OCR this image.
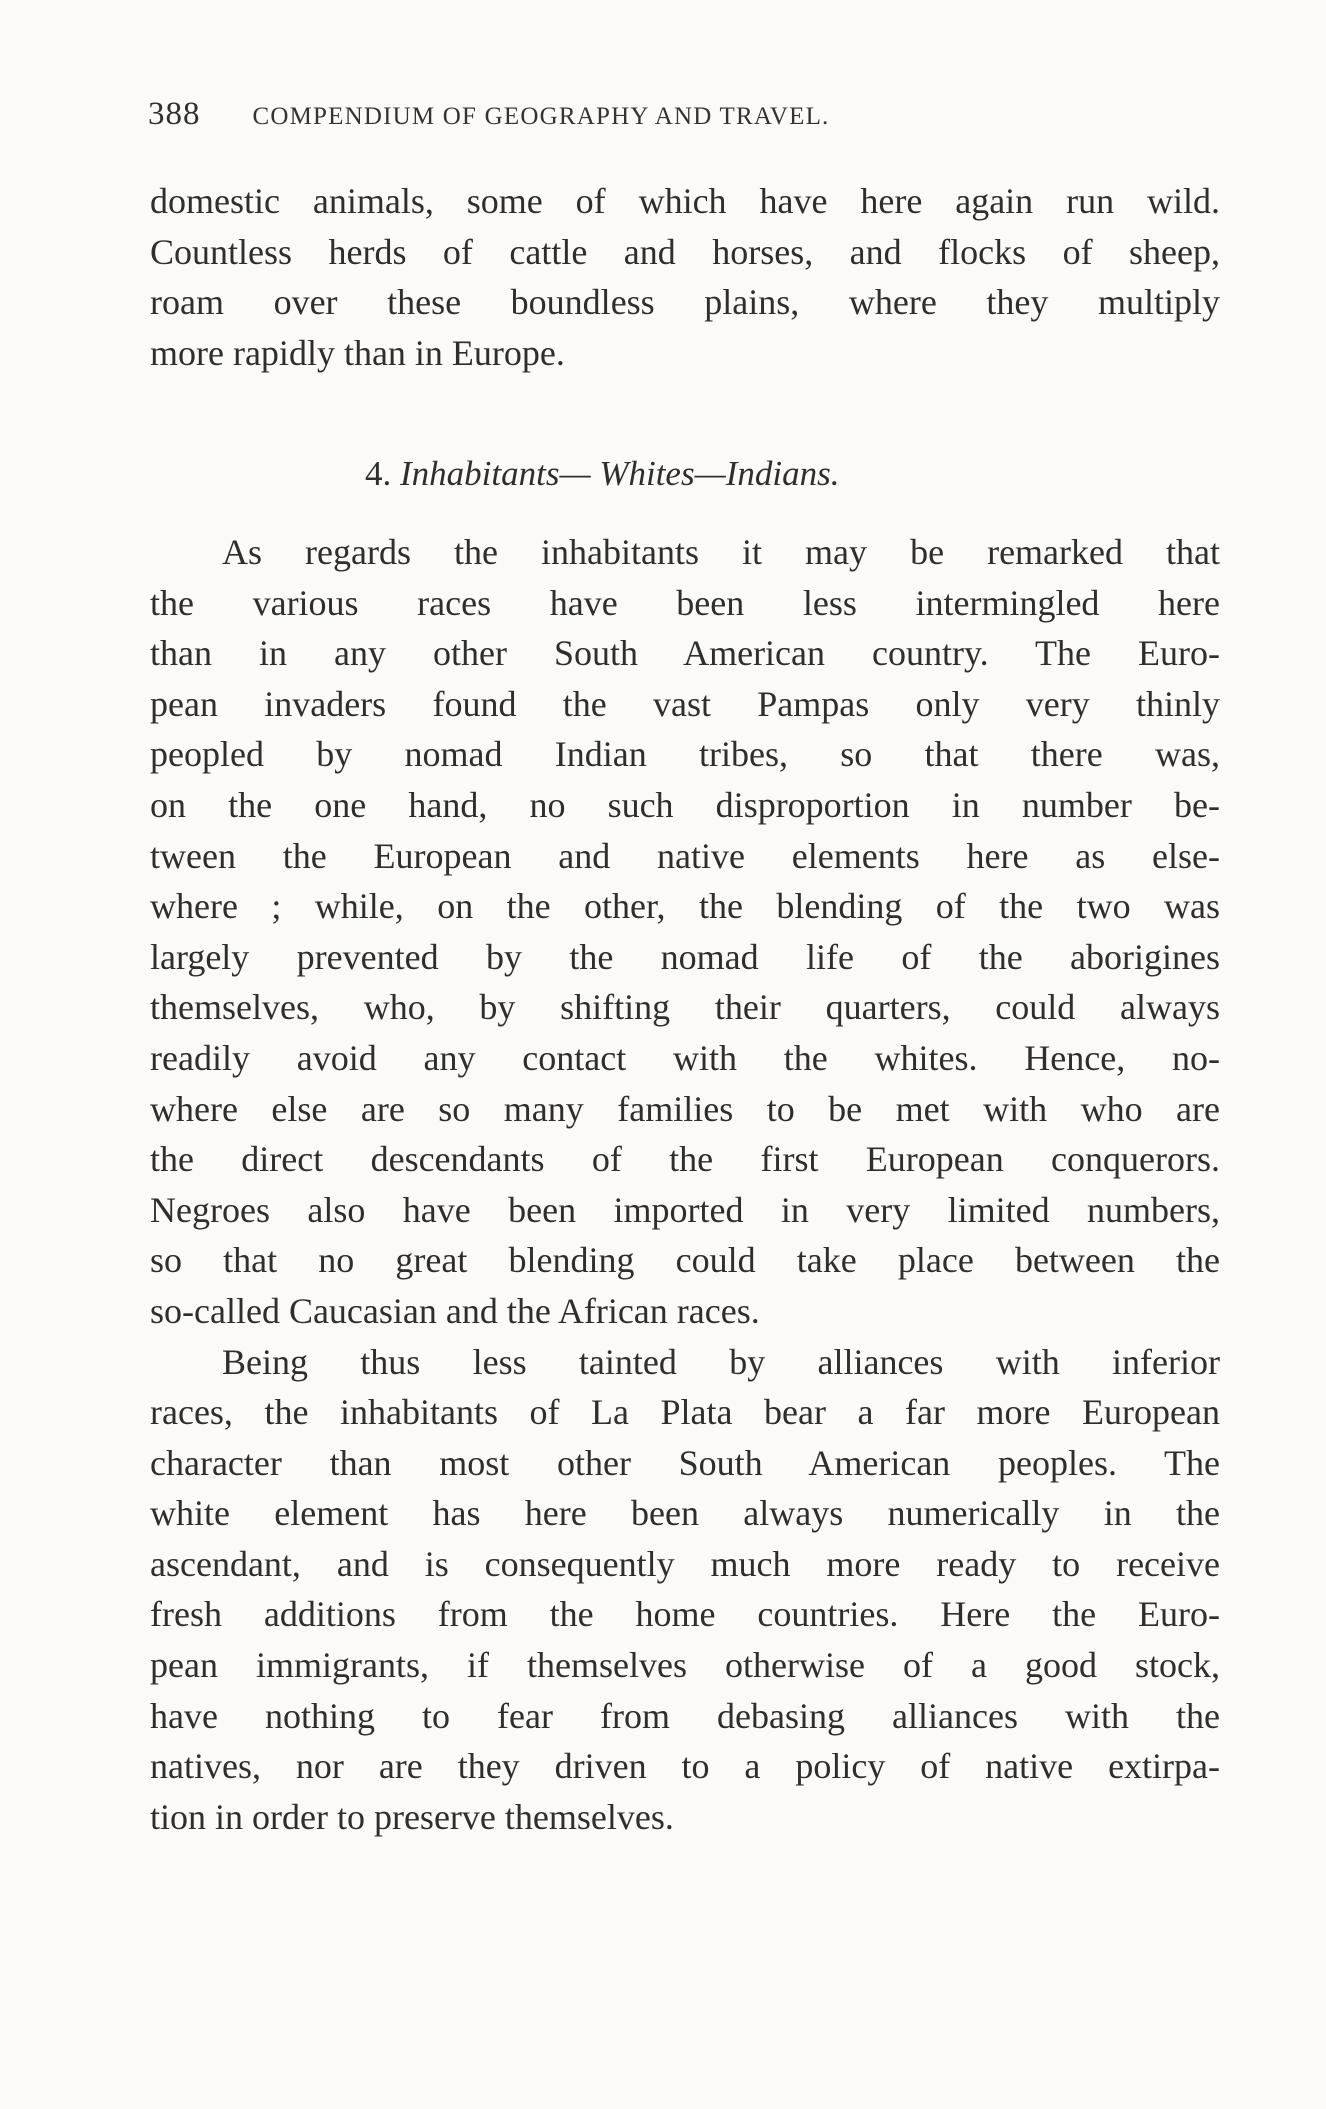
388 COMPENDIUM OF GEOGRAPHY AND TRAVEL.
domestic animals, some of which have here again run wild.
Countless herds of cattle and horses, and flocks of sheep,
roam over these boundless plains, where they multiply
more rapidly than in Europe.
4. Inhabitants— Whites—Indians.
As regards the inhabitants it may be remarked that
the various races have been less intermingled here
than in any other South American country. The Euro-
pean invaders found the vast Pampas only very thinly
peopled by nomad Indian tribes, so that there was,
on the one hand, no such disproportion in number be-
tween the European and native elements here as else-
where ; while, on the other, the blending of the two was
largely prevented by the nomad life of the aborigines
themselves, who, by shifting their quarters, could always
readily avoid any contact with the whites. Hence, no-
where else are so many families to be met with who are
the direct descendants of the first European conquerors.
Negroes also have been imported in very limited numbers,
so that no great blending could take place between the
so-called Caucasian and the African races.
Being thus less tainted by alliances with inferior
races, the inhabitants of La Plata bear a far more European
character than most other South American peoples. The
white element has here been always numerically in the
ascendant, and is consequently much more ready to receive
fresh additions from the home countries. Here the Euro-
pean immigrants, if themselves otherwise of a good stock,
have nothing to fear from debasing alliances with the
natives, nor are they driven to a policy of native extirpa-
tion in order to preserve themselves.
